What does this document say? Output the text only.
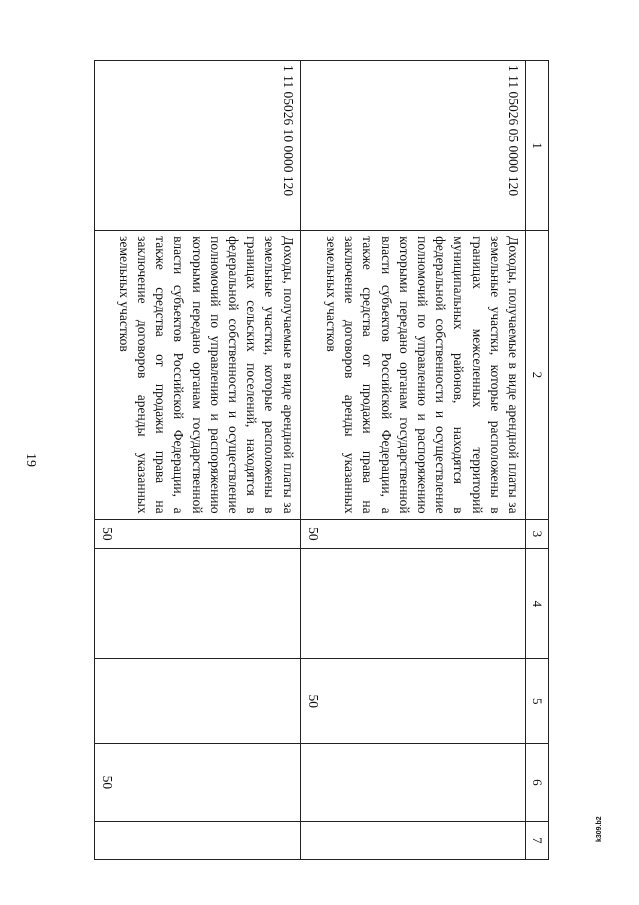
19
1	2	3	4	5	6	7
1 11 05026 05 0000 120	Доходы, получаемые в виде арендной платы за земельные участки, которые расположены в границах межселенных территорий муниципальных районов, находятся в федеральной собственности и осуществление полномочий по управлению и распоряжению которыми передано органам государственной власти субъектов Российской Федерации, а также средства от продажи права на заключение договоров аренды указанных земельных участков	50		50		
1 11 05026 10 0000 120	Доходы, получаемые в виде арендной платы за земельные участки, которые расположены в границах сельских поселений, находятся в федеральной собственности и осуществление полномочий по управлению и распоряжению которыми передано органам государственной власти субъектов Российской Федерации, а также средства от продажи права на заключение договоров аренды указанных земельных участков	50			50	
k309.b2
